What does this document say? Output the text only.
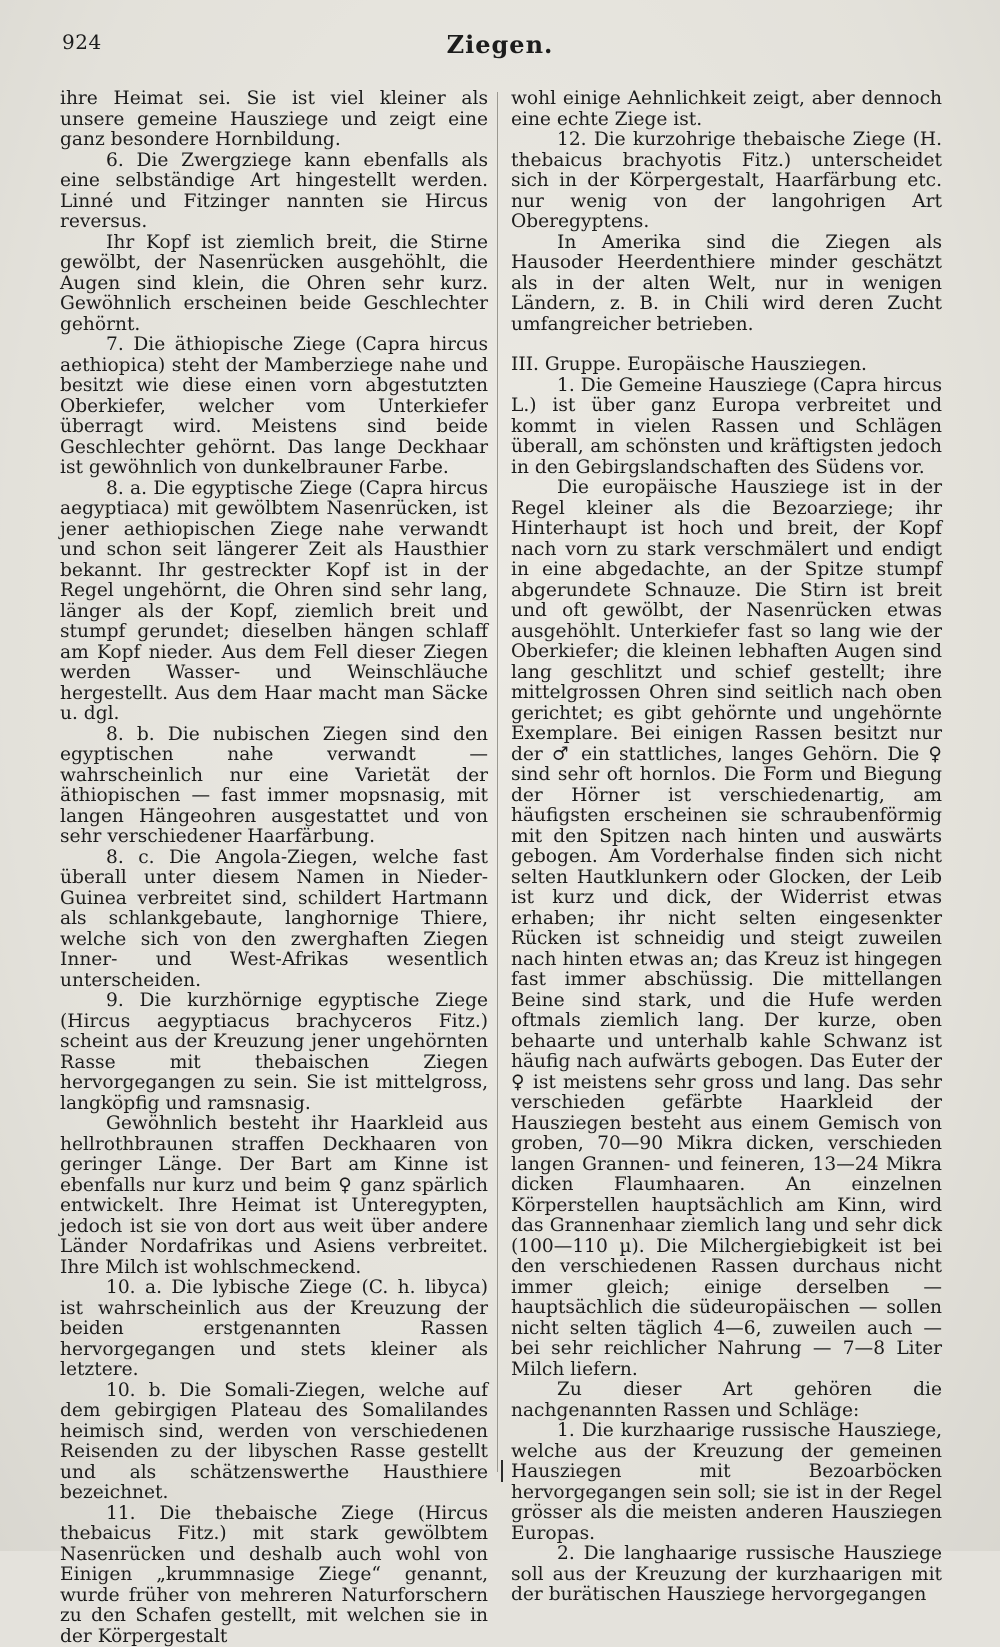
924	Ziegen.

ihre Heimat sei. Sie ist viel kleiner als unsere gemeine Hausziege und zeigt eine ganz besondere Hornbildung.

6. Die Zwergziege kann ebenfalls als eine selbständige Art hingestellt werden. Linné und Fitzinger nannten sie Hircus reversus.

Ihr Kopf ist ziemlich breit, die Stirne gewölbt, der Nasenrücken ausgehöhlt, die Augen sind klein, die Ohren sehr kurz. Gewöhnlich erscheinen beide Geschlechter gehörnt.

7. Die äthiopische Ziege (Capra hircus aethiopica) steht der Mamberziege nahe und besitzt wie diese einen vorn abgestutzten Oberkiefer, welcher vom Unterkiefer überragt wird. Meistens sind beide Geschlechter gehörnt. Das lange Deckhaar ist gewöhnlich von dunkelbrauner Farbe.

8. a. Die egyptische Ziege (Capra hircus aegyptiaca) mit gewölbtem Nasenrücken, ist jener aethiopischen Ziege nahe verwandt und schon seit längerer Zeit als Hausthier bekannt. Ihr gestreckter Kopf ist in der Regel ungehörnt, die Ohren sind sehr lang, länger als der Kopf, ziemlich breit und stumpf gerundet; dieselben hängen schlaff am Kopf nieder. Aus dem Fell dieser Ziegen werden Wasser- und Weinschläuche hergestellt. Aus dem Haar macht man Säcke u. dgl.

8. b. Die nubischen Ziegen sind den egyptischen nahe verwandt — wahrscheinlich nur eine Varietät der äthiopischen — fast immer mopsnasig, mit langen Hängeohren ausgestattet und von sehr verschiedener Haarfärbung.

8. c. Die Angola-Ziegen, welche fast überall unter diesem Namen in Nieder-Guinea verbreitet sind, schildert Hartmann als schlankgebaute, langhornige Thiere, welche sich von den zwerghaften Ziegen Inner- und West-Afrikas wesentlich unterscheiden.

9. Die kurzhörnige egyptische Ziege (Hircus aegyptiacus brachyceros Fitz.) scheint aus der Kreuzung jener ungehörnten Rasse mit thebaischen Ziegen hervorgegangen zu sein. Sie ist mittelgross, langköpfig und ramsnasig.

Gewöhnlich besteht ihr Haarkleid aus hellrothbraunen straffen Deckhaaren von geringer Länge. Der Bart am Kinne ist ebenfalls nur kurz und beim ♀ ganz spärlich entwickelt. Ihre Heimat ist Unteregypten, jedoch ist sie von dort aus weit über andere Länder Nordafrikas und Asiens verbreitet. Ihre Milch ist wohlschmeckend.

10. a. Die lybische Ziege (C. h. libyca) ist wahrscheinlich aus der Kreuzung der beiden erstgenannten Rassen hervorgegangen und stets kleiner als letztere.

10. b. Die Somali-Ziegen, welche auf dem gebirgigen Plateau des Somalilandes heimisch sind, werden von verschiedenen Reisenden zu der libyschen Rasse gestellt und als schätzenswerthe Hausthiere bezeichnet.

11. Die thebaische Ziege (Hircus thebaicus Fitz.) mit stark gewölbtem Nasenrücken und deshalb auch wohl von Einigen „krummnasige Ziege“ genannt, wurde früher von mehreren Naturforschern zu den Schafen gestellt, mit welchen sie in der Körpergestalt

wohl einige Aehnlichkeit zeigt, aber dennoch eine echte Ziege ist.

12. Die kurzohrige thebaische Ziege (H. thebaicus brachyotis Fitz.) unterscheidet sich in der Körpergestalt, Haarfärbung etc. nur wenig von der langohrigen Art Oberegyptens.

In Amerika sind die Ziegen als Hausoder Heerdenthiere minder geschätzt als in der alten Welt, nur in wenigen Ländern, z. B. in Chili wird deren Zucht umfangreicher betrieben.

III. Gruppe. Europäische Hausziegen.

1. Die Gemeine Hausziege (Capra hircus L.) ist über ganz Europa verbreitet und kommt in vielen Rassen und Schlägen überall, am schönsten und kräftigsten jedoch in den Gebirgslandschaften des Südens vor.

Die europäische Hausziege ist in der Regel kleiner als die Bezoarziege; ihr Hinterhaupt ist hoch und breit, der Kopf nach vorn zu stark verschmälert und endigt in eine abgedachte, an der Spitze stumpf abgerundete Schnauze. Die Stirn ist breit und oft gewölbt, der Nasenrücken etwas ausgehöhlt. Unterkiefer fast so lang wie der Oberkiefer; die kleinen lebhaften Augen sind lang geschlitzt und schief gestellt; ihre mittelgrossen Ohren sind seitlich nach oben gerichtet; es gibt gehörnte und ungehörnte Exemplare. Bei einigen Rassen besitzt nur der ♂ ein stattliches, langes Gehörn. Die ♀ sind sehr oft hornlos. Die Form und Biegung der Hörner ist verschiedenartig, am häufigsten erscheinen sie schraubenförmig mit den Spitzen nach hinten und auswärts gebogen. Am Vorderhalse finden sich nicht selten Hautklunkern oder Glocken, der Leib ist kurz und dick, der Widerrist etwas erhaben; ihr nicht selten eingesenkter Rücken ist schneidig und steigt zuweilen nach hinten etwas an; das Kreuz ist hingegen fast immer abschüssig. Die mittellangen Beine sind stark, und die Hufe werden oftmals ziemlich lang. Der kurze, oben behaarte und unterhalb kahle Schwanz ist häufig nach aufwärts gebogen. Das Euter der ♀ ist meistens sehr gross und lang. Das sehr verschieden gefärbte Haarkleid der Hausziegen besteht aus einem Gemisch von groben, 70—90 Mikra dicken, verschieden langen Grannen- und feineren, 13—24 Mikra dicken Flaumhaaren. An einzelnen Körperstellen hauptsächlich am Kinn, wird das Grannenhaar ziemlich lang und sehr dick (100—110 µ). Die Milchergiebigkeit ist bei den verschiedenen Rassen durchaus nicht immer gleich; einige derselben — hauptsächlich die südeuropäischen — sollen nicht selten täglich 4—6, zuweilen auch — bei sehr reichlicher Nahrung — 7—8 Liter Milch liefern.

Zu dieser Art gehören die nachgenannten Rassen und Schläge:

1. Die kurzhaarige russische Hausziege, welche aus der Kreuzung der gemeinen Hausziegen mit Bezoarböcken hervorgegangen sein soll; sie ist in der Regel grösser als die meisten anderen Hausziegen Europas.

2. Die langhaarige russische Hausziege soll aus der Kreuzung der kurzhaarigen mit der burätischen Hausziege hervorgegangen
